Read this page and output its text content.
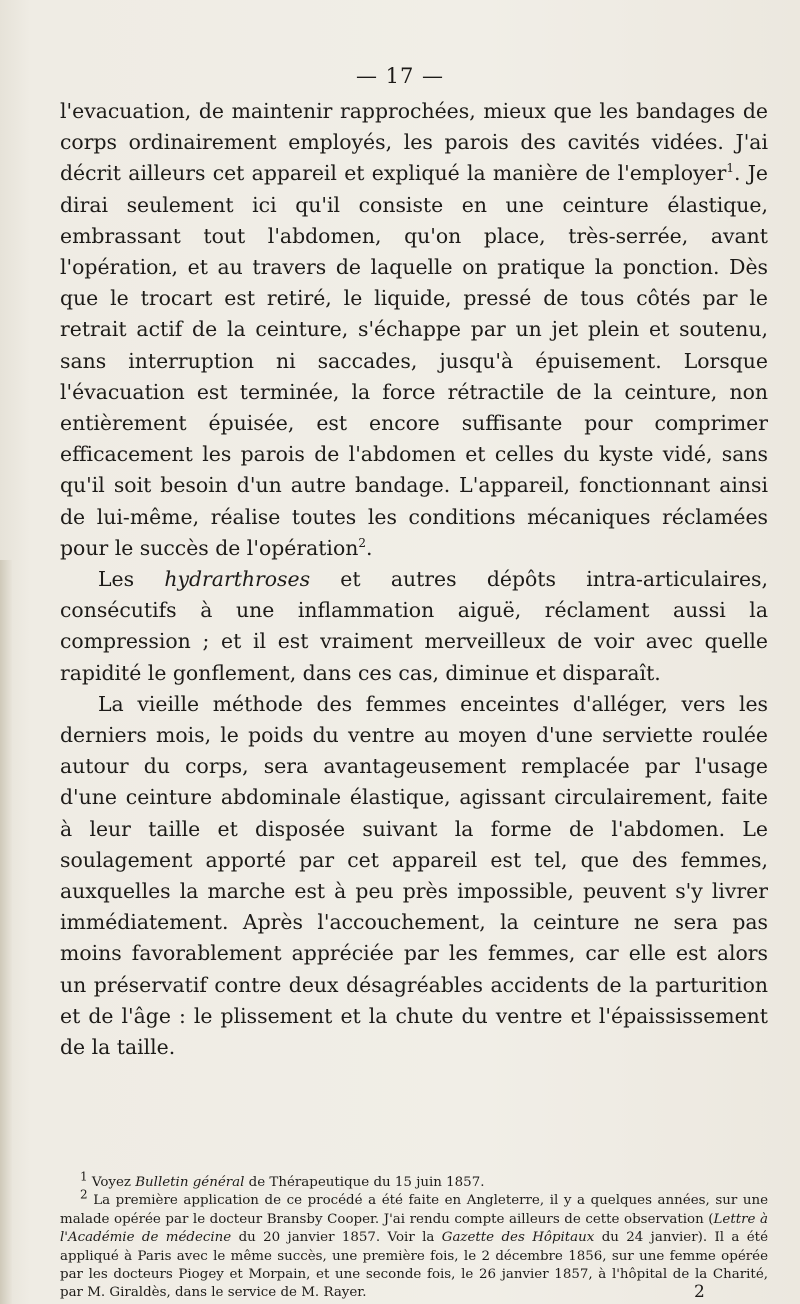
— 17 —

l'evacuation, de maintenir rapprochées, mieux que les bandages de corps ordinairement employés, les parois des cavités vidées. J'ai décrit ailleurs cet appareil et expliqué la manière de l'employer$^1$. Je dirai seulement ici qu'il consiste en une ceinture élastique, embrassant tout l'abdomen, qu'on place, très-serrée, avant l'opération, et au travers de laquelle on pratique la ponction. Dès que le trocart est retiré, le liquide, pressé de tous côtés par le retrait actif de la ceinture, s'échappe par un jet plein et soutenu, sans interruption ni saccades, jusqu'à épuisement. Lorsque l'évacuation est terminée, la force rétractile de la ceinture, non entièrement épuisée, est encore suffisante pour comprimer efficacement les parois de l'abdomen et celles du kyste vidé, sans qu'il soit besoin d'un autre bandage. L'appareil, fonctionnant ainsi de lui-même, réalise toutes les conditions mécaniques réclamées pour le succès de l'opération$^2$.

Les hydrarthroses et autres dépôts intra-articulaires, consécutifs à une inflammation aiguë, réclament aussi la compression ; et il est vraiment merveilleux de voir avec quelle rapidité le gonflement, dans ces cas, diminue et disparaît.

La vieille méthode des femmes enceintes d'alléger, vers les derniers mois, le poids du ventre au moyen d'une serviette roulée autour du corps, sera avantageusement remplacée par l'usage d'une ceinture abdominale élastique, agissant circulairement, faite à leur taille et disposée suivant la forme de l'abdomen. Le soulagement apporté par cet appareil est tel, que des femmes, auxquelles la marche est à peu près impossible, peuvent s'y livrer immédiatement. Après l'accouchement, la ceinture ne sera pas moins favorablement appréciée par les femmes, car elle est alors un préservatif contre deux désagréables accidents de la parturition et de l'âge : le plissement et la chute du ventre et l'épaississement de la taille.

1 Voyez Bulletin général de Thérapeutique du 15 juin 1857.

2 La première application de ce procédé a été faite en Angleterre, il y a quelques années, sur une malade opérée par le docteur Bransby Cooper. J'ai rendu compte ailleurs de cette observation (Lettre à l'Académie de médecine du 20 janvier 1857. Voir la Gazette des Hôpitaux du 24 janvier). Il a été appliqué à Paris avec le même succès, une première fois, le 2 décembre 1856, sur une femme opérée par les docteurs Piogey et Morpain, et une seconde fois, le 26 janvier 1857, à l'hôpital de la Charité, par M. Giraldès, dans le service de M. Rayer.	2
